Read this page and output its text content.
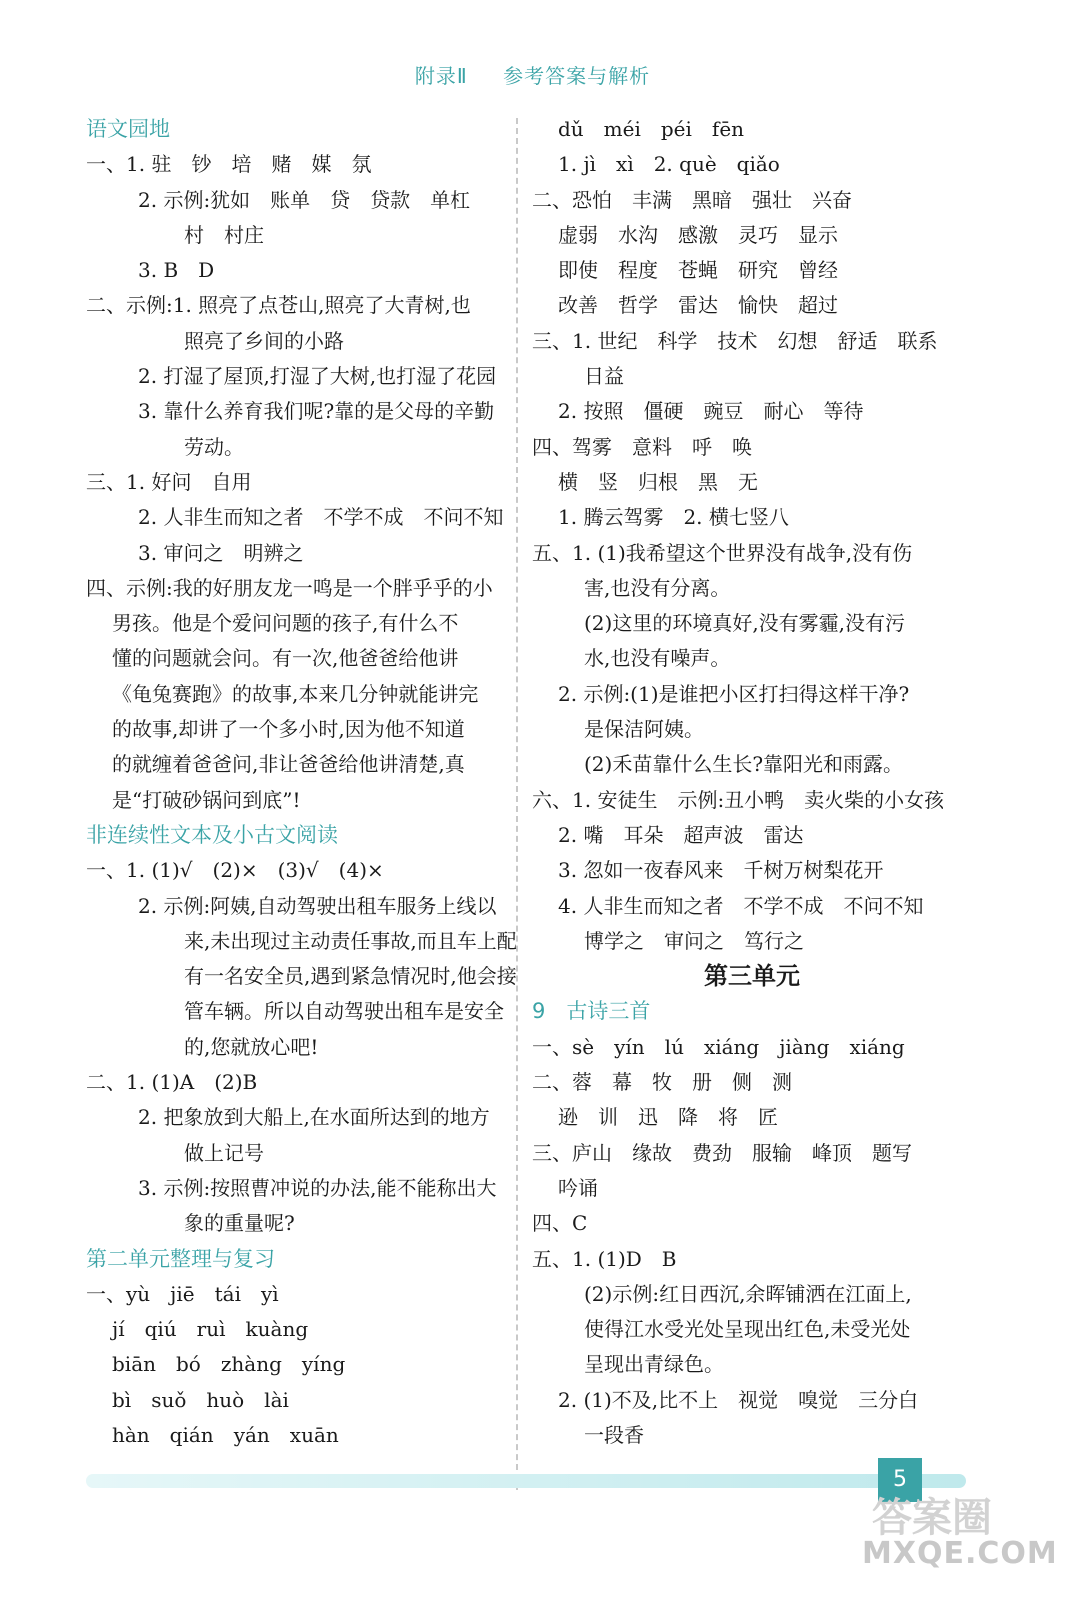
附录Ⅱ 参考答案与解析
语文园地
一、1. 驻　钞　培　赌　媒　氛
2. 示例:犹如　账单　贷　贷款　单杠
村　村庄
3. B　D
二、示例:1. 照亮了点苍山,照亮了大青树,也
照亮了乡间的小路
2. 打湿了屋顶,打湿了大树,也打湿了花园
3. 靠什么养育我们呢?靠的是父母的辛勤
劳动。
三、1. 好问　自用
2. 人非生而知之者　不学不成　不问不知
3. 审问之　明辨之
四、示例:我的好朋友龙一鸣是一个胖乎乎的小
男孩。他是个爱问问题的孩子,有什么不
懂的问题就会问。有一次,他爸爸给他讲
《龟兔赛跑》的故事,本来几分钟就能讲完
的故事,却讲了一个多小时,因为他不知道
的就缠着爸爸问,非让爸爸给他讲清楚,真
是“打破砂锅问到底”!
非连续性文本及小古文阅读
一、1. (1)√　(2)×　(3)√　(4)×
2. 示例:阿姨,自动驾驶出租车服务上线以
来,未出现过主动责任事故,而且车上配
有一名安全员,遇到紧急情况时,他会接
管车辆。所以自动驾驶出租车是安全
的,您就放心吧!
二、1. (1)A　(2)B
2. 把象放到大船上,在水面所达到的地方
做上记号
3. 示例:按照曹冲说的办法,能不能称出大
象的重量呢?
第二单元整理与复习
一、yù　jiē　tái　yì
jí　qiú　ruì　kuàng
biān　bó　zhàng　yíng
bì　suǒ　huò　lài
hàn　qián　yán　xuān
dǔ　méi　péi　fēn
1. jì　xì　2. què　qiǎo
二、恐怕　丰满　黑暗　强壮　兴奋
虚弱　水沟　感激　灵巧　显示
即使　程度　苍蝇　研究　曾经
改善　哲学　雷达　愉快　超过
三、1. 世纪　科学　技术　幻想　舒适　联系
日益
2. 按照　僵硬　豌豆　耐心　等待
四、驾雾　意料　呼　唤
横　竖　归根　黑　无
1. 腾云驾雾　2. 横七竖八
五、1. (1)我希望这个世界没有战争,没有伤
害,也没有分离。
(2)这里的环境真好,没有雾霾,没有污
水,也没有噪声。
2. 示例:(1)是谁把小区打扫得这样干净?
是保洁阿姨。
(2)禾苗靠什么生长?靠阳光和雨露。
六、1. 安徒生　示例:丑小鸭　卖火柴的小女孩
2. 嘴　耳朵　超声波　雷达
3. 忽如一夜春风来　千树万树梨花开
4. 人非生而知之者　不学不成　不问不知
博学之　审问之　笃行之
第三单元
9　古诗三首
一、sè　yín　lú　xiáng　jiàng　xiáng
二、蓉　幕　牧　册　侧　测
逊　训　迅　降　将　匠
三、庐山　缘故　费劲　服输　峰顶　题写
吟诵
四、C
五、1. (1)D　B
(2)示例:红日西沉,余晖铺洒在江面上,
使得江水受光处呈现出红色,未受光处
呈现出青绿色。
2. (1)不及,比不上　视觉　嗅觉　三分白
一段香
5
答案圈
MXQE.COM
